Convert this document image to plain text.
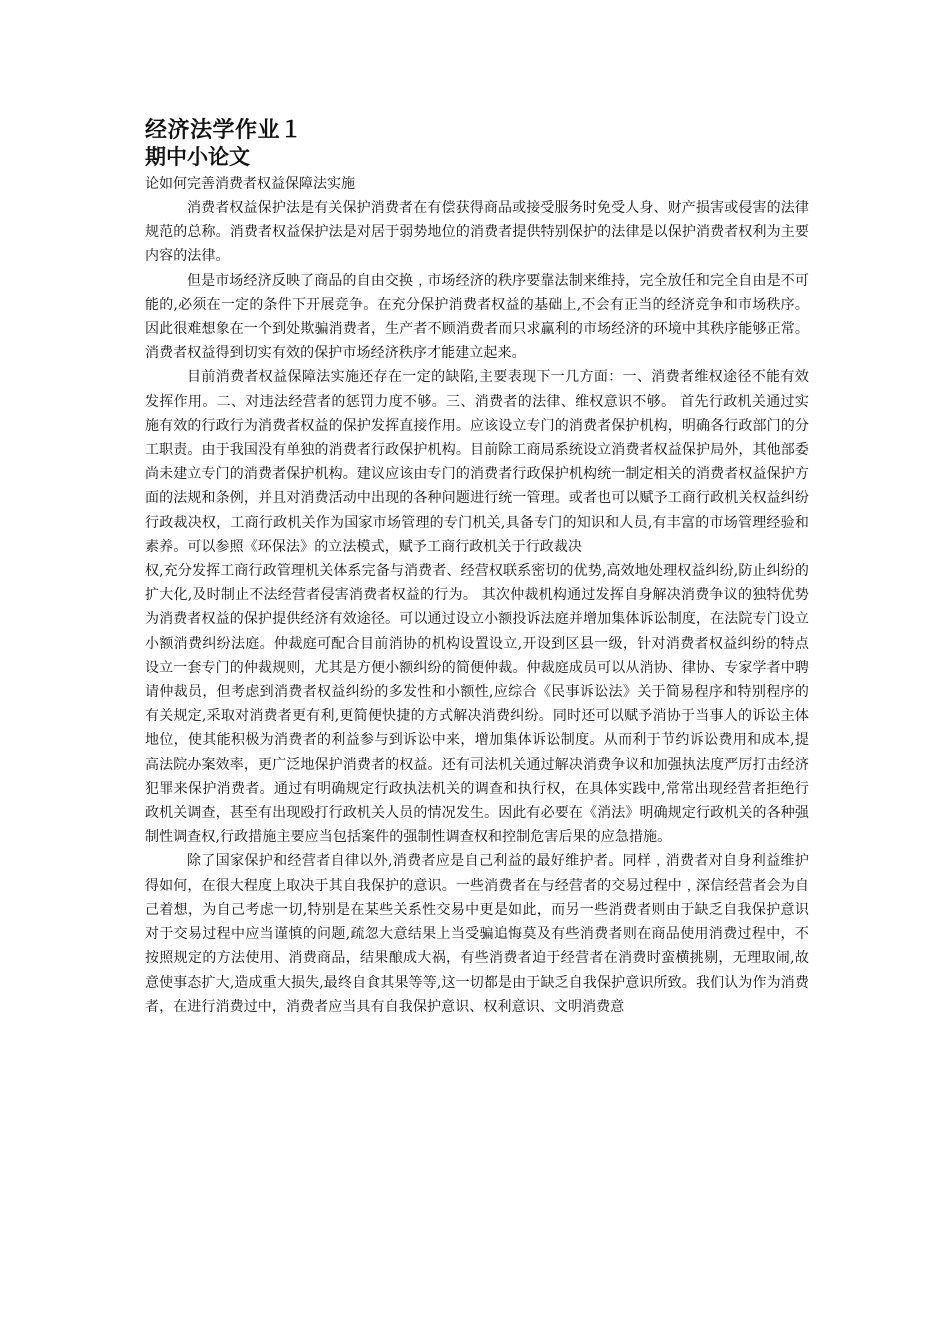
经济法学作业１
期中小论文

论如何完善消费者权益保障法实施

消费者权益保护法是有关保护消费者在有偿获得商品或接受服务时免受人身、财产损害或侵害的法律规范的总称。消费者权益保护法是对居于弱势地位的消费者提供特别保护的法律是以保护消费者权利为主要内容的法律。

但是市场经济反映了商品的自由交换﹐市场经济的秩序要靠法制来维持，完全放任和完全自由是不可能的,必须在一定的条件下开展竞争。在充分保护消费者权益的基础上,不会有正当的经济竞争和市场秩序。因此很难想象在一个到处欺骗消费者，生产者不顾消费者而只求赢利的市场经济的环境中其秩序能够正常。消费者权益得到切实有效的保护市场经济秩序才能建立起来。

目前消费者权益保障法实施还存在一定的缺陷,主要表现下一几方面：一、消费者维权途径不能有效发挥作用。二、对违法经营者的惩罚力度不够。三、消费者的法律、维权意识不够。 首先行政机关通过实施有效的行政行为消费者权益的保护发挥直接作用。应该设立专门的消费者保护机构，明确各行政部门的分工职责。由于我国没有单独的消费者行政保护机构。目前除工商局系统设立消费者权益保护局外，其他部委尚未建立专门的消费者保护机构。建议应该由专门的消费者行政保护机构统一制定相关的消费者权益保护方面的法规和条例，并且对消费活动中出现的各种问题进行统一管理。或者也可以赋予工商行政机关权益纠纷行政裁决权，工商行政机关作为国家市场管理的专门机关,具备专门的知识和人员,有丰富的市场管理经验和素养。可以参照《环保法》的立法模式，赋予工商行政机关于行政裁决

权,充分发挥工商行政管理机关体系完备与消费者、经营权联系密切的优势,高效地处理权益纠纷,防止纠纷的扩大化,及时制止不法经营者侵害消费者权益的行为。 其次仲裁机构通过发挥自身解决消费争议的独特优势为消费者权益的保护提供经济有效途径。可以通过设立小额投诉法庭并增加集体诉讼制度，在法院专门设立小额消费纠纷法庭。仲裁庭可配合目前消协的机构设置设立,开设到区县一级，针对消费者权益纠纷的特点设立一套专门的仲裁规则，尤其是方便小额纠纷的简便仲裁。仲裁庭成员可以从消协、律协、专家学者中聘请仲裁员，但考虑到消费者权益纠纷的多发性和小额性,应综合《民事诉讼法》关于简易程序和特别程序的有关规定,采取对消费者更有利,更简便快捷的方式解决消费纠纷。同时还可以赋予消协于当事人的诉讼主体地位，使其能积极为消费者的利益参与到诉讼中来，增加集体诉讼制度。从而利于节约诉讼费用和成本,提高法院办案效率，更广泛地保护消费者的权益。还有司法机关通过解决消费争议和加强执法度严厉打击经济犯罪来保护消费者。通过有明确规定行政执法机关的调查和执行权，在具体实践中,常常出现经营者拒绝行政机关调查，甚至有出现殴打行政机关人员的情况发生。因此有必要在《消法》明确规定行政机关的各种强制性调查权,行政措施主要应当包括案件的强制性调查权和控制危害后果的应急措施。

除了国家保护和经营者自律以外,消费者应是自己利益的最好维护者。同样﹐消费者对自身利益维护得如何，在很大程度上取决于其自我保护的意识。一些消费者在与经营者的交易过程中﹐深信经营者会为自己着想，为自己考虑一切,特别是在某些关系性交易中更是如此，而另一些消费者则由于缺乏自我保护意识对于交易过程中应当谨慎的问题,疏忽大意结果上当受骗追悔莫及有些消费者则在商品使用消费过程中，不按照规定的方法使用、消费商品，结果酿成大祸，有些消费者迫于经营者在消费时蛮横挑剔，无理取闹,故意使事态扩大,造成重大损失,最终自食其果等等,这一切都是由于缺乏自我保护意识所致。我们认为作为消费者，在进行消费过中，消费者应当具有自我保护意识、权利意识、文明消费意
